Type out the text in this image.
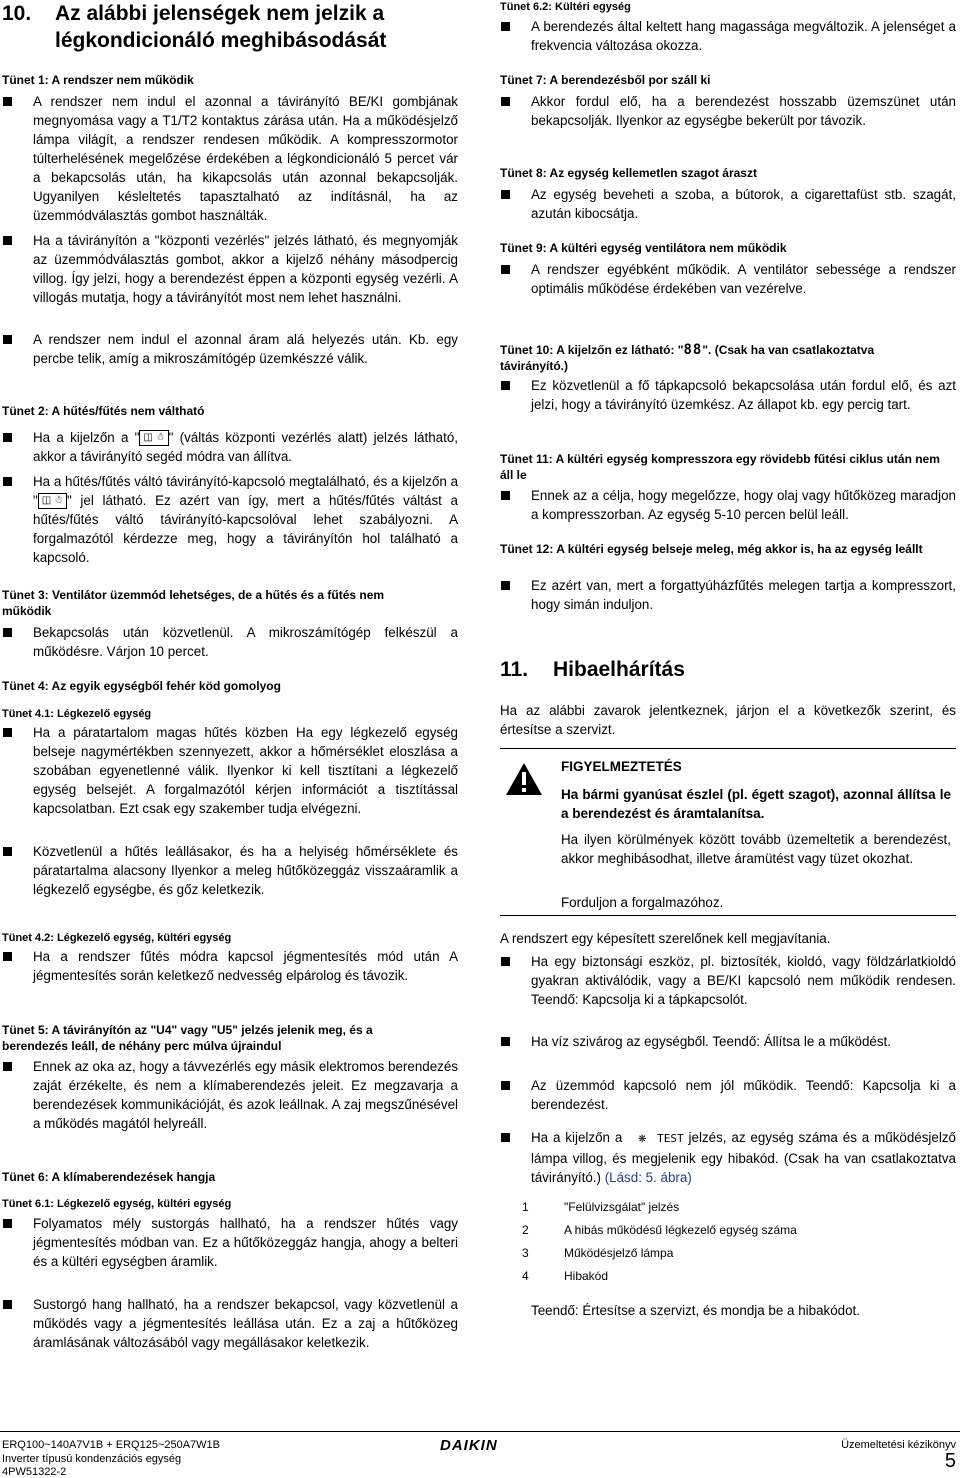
10. Az alábbi jelenségek nem jelzik a légkondicionáló meghibásodását
Tünet 1: A rendszer nem működik
A rendszer nem indul el azonnal a távirányító BE/KI gombjának megnyomása vagy a T1/T2 kontaktus zárása után. Ha a működésjelző lámpa világít, a rendszer rendesen működik. A kompresszormotor túlterhelésének megelőzése érdekében a légkondicionáló 5 percet vár a bekapcsolás után, ha kikapcsolás után azonnal bekapcsolják. Ugyanilyen késleltetés tapasztalható az indításnál, ha az üzemmódválasztás gombot használták.
Ha a távirányítón a "központi vezérlés" jelzés látható, és megnyomják az üzemmódválasztás gombot, akkor a kijelző néhány másodpercig villog. Így jelzi, hogy a berendezést éppen a központi egység vezérli. A villogás mutatja, hogy a távirányítót most nem lehet használni.
A rendszer nem indul el azonnal áram alá helyezés után. Kb. egy percbe telik, amíg a mikroszámítógép üzemkészzé válik.
Tünet 2: A hűtés/fűtés nem váltható
Ha a kijelzőn a " ◫ ☃ " (váltás központi vezérlés alatt) jelzés látható, akkor a távirányító segéd módra van állítva.
Ha a hűtés/fűtés váltó távirányító-kapcsoló megtalálható, és a kijelzőn a " ◫ ☃ " jel látható. Ez azért van így, mert a hűtés/fűtés váltást a hűtés/fűtés váltó távirányító-kapcsolóval lehet szabályozni. A forgalmazótól kérdezze meg, hogy a távirányítón hol található a kapcsoló.
Tünet 3: Ventilátor üzemmód lehetséges, de a hűtés és a fűtés nem működik
Bekapcsolás után közvetlenül. A mikroszámítógép felkészül a működésre. Várjon 10 percet.
Tünet 4: Az egyik egységből fehér köd gomolyog
Tünet 4.1: Légkezelő egység
Ha a páratartalom magas hűtés közben Ha egy légkezelő egység belseje nagymértékben szennyezett, akkor a hőmérséklet eloszlása a szobában egyenetlenné válik. Ilyenkor ki kell tisztítani a légkezelő egység belsejét. A forgalmazótól kérjen információt a tisztítással kapcsolatban. Ezt csak egy szakember tudja elvégezni.
Közvetlenül a hűtés leállásakor, és ha a helyiség hőmérséklete és páratartalma alacsony Ilyenkor a meleg hűtőközeggáz visszaáramlik a légkezelő egységbe, és gőz keletkezik.
Tünet 4.2: Légkezelő egység, kültéri egység
Ha a rendszer fűtés módra kapcsol jégmentesítés mód után A jégmentesítés során keletkező nedvesség elpárolog és távozik.
Tünet 5: A távirányítón az "U4" vagy "U5" jelzés jelenik meg, és a berendezés leáll, de néhány perc múlva újraindul
Ennek az oka az, hogy a távvezérlés egy másik elektromos berendezés zaját érzékelte, és nem a klímaberendezés jeleit. Ez megzavarja a berendezések kommunikációját, és azok leállnak. A zaj megszűnésével a működés magától helyreáll.
Tünet 6: A klímaberendezések hangja
Tünet 6.1: Légkezelő egység, kültéri egység
Folyamatos mély sustorgás hallható, ha a rendszer hűtés vagy jégmentesítés módban van. Ez a hűtőközeggáz hangja, ahogy a belteri és a kültéri egységben áramlik.
Sustorgó hang hallható, ha a rendszer bekapcsol, vagy közvetlenül a működés vagy a jégmentesítés leállása után. Ez a zaj a hűtőközeg áramlásának változásából vagy megállásakor keletkezik.
Tünet 6.2: Kültéri egység
A berendezés által keltett hang magassága megváltozik. A jelenséget a frekvencia változása okozza.
Tünet 7: A berendezésből por száll ki
Akkor fordul elő, ha a berendezést hosszabb üzemszünet után bekapcsolják. Ilyenkor az egységbe bekerült por távozik.
Tünet 8: Az egység kellemetlen szagot áraszt
Az egység beveheti a szoba, a bútorok, a cigarettafüst stb. szagát, azután kibocsátja.
Tünet 9: A kültéri egység ventilátora nem működik
A rendszer egyébként működik. A ventilátor sebessége a rendszer optimális működése érdekében van vezérelve.
Tünet 10: A kijelzőn ez látható: "88". (Csak ha van csatlakoztatva távirányító.)
Ez közvetlenül a fő tápkapcsoló bekapcsolása után fordul elő, és azt jelzi, hogy a távirányító üzemkész. Az állapot kb. egy percig tart.
Tünet 11: A kültéri egység kompresszora egy rövidebb fűtési ciklus után nem áll le
Ennek az a célja, hogy megelőzze, hogy olaj vagy hűtőközeg maradjon a kompresszorban. Az egység 5-10 percen belül leáll.
Tünet 12: A kültéri egység belseje meleg, még akkor is, ha az egység leállt
Ez azért van, mert a forgattyúházfűtés melegen tartja a kompresszort, hogy simán induljon.
11. Hibaelhárítás
Ha az alábbi zavarok jelentkeznek, járjon el a következők szerint, és értesítse a szervizt.
FIGYELMEZTETÉS
Ha bármi gyanúsat észlel (pl. égett szagot), azonnal állítsa le a berendezést és áramtalanítsa.
Ha ilyen körülmények között tovább üzemeltetik a berendezést, akkor meghibásodhat, illetve áramütést vagy tüzet okozhat.
Forduljon a forgalmazóhoz.
A rendszert egy képesített szerelőnek kell megjavítania.
Ha egy biztonsági eszköz, pl. biztosíték, kioldó, vagy földzárlatkioldó gyakran aktiválódik, vagy a BE/KI kapcsoló nem működik rendesen. Teendő: Kapcsolja ki a tápkapcsolót.
Ha víz szivárog az egységből. Teendő: Állítsa le a működést.
Az üzemmód kapcsoló nem jól működik. Teendő: Kapcsolja ki a berendezést.
Ha a kijelzőn a ❋ TEST jelzés, az egység száma és a működésjelző lámpa villog, és megjelenik egy hibakód. (Csak ha van csatlakoztatva távirányító.) (Lásd: 5. ábra)
1	"Felülvizsgálat" jelzés
2	A hibás működésű légkezelő egység száma
3	Működésjelző lámpa
4	Hibakód
Teendő: Értesítse a szervizt, és mondja be a hibakódot.
ERQ100~140A7V1B + ERQ125~250A7W1B
Inverter típusú kondenzációs egység
4PW51322-2
DAIKIN	Üzemeltetési kézikönyv
5
